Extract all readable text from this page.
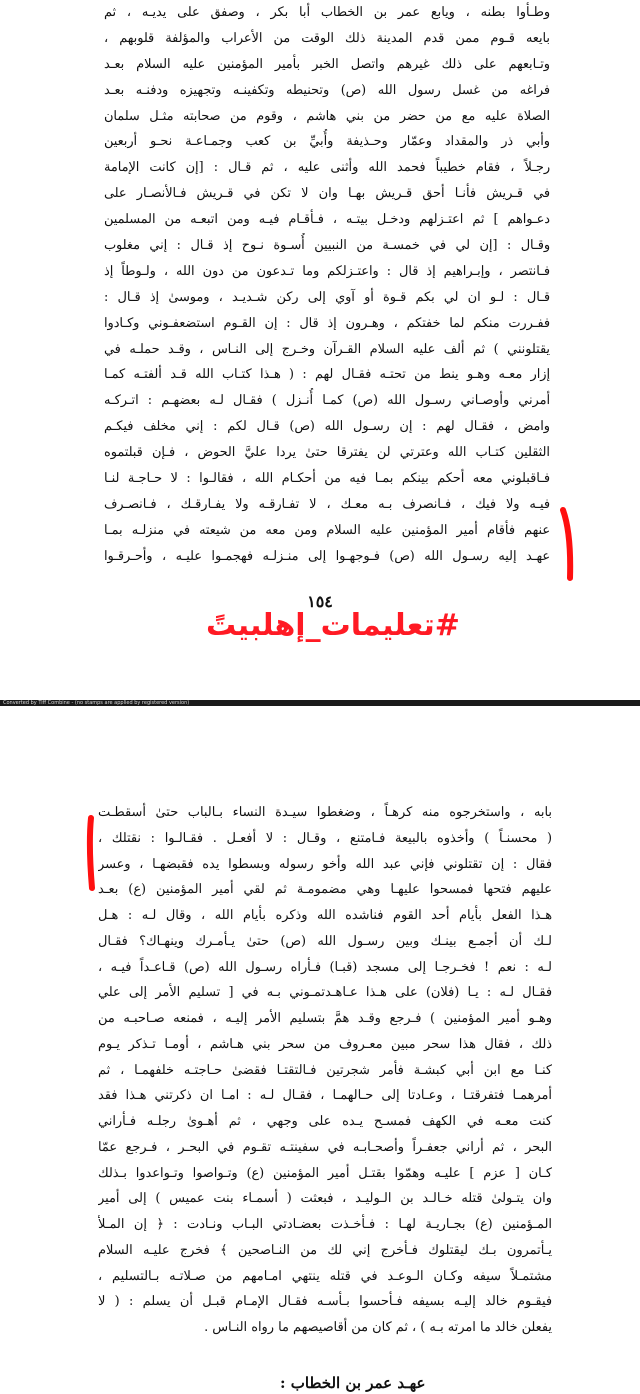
وطـأوا بطنه ، ويابع عمر بن الخطاب أبا بكر ، وصفق على يديـه ، ثم
بايعه قـوم ممن قدم المدينة ذلك الوقت من الأعراب والمؤلفة قلوبهم ،
وتـابعهم على ذلك غيرهم واتصل الخبر بأمير المؤمنين عليه السلام بعـد
فراغه من غسل رسول الله (ص) وتحنيطه وتكفينـه وتجهيزه ودفنـه بعـد
الصلاة عليه مع من حضر من بني هاشم ، وقوم من صحابته مثـل سلمان
وأبي ذر والمقداد وعمّار وحـذيفة وأُبيِّ بن كعب وجمـاعـة نحـو أربعين
رجـلاً ، فقام خطيباً فحمد الله وأثنى عليه ، ثم قـال : [إن كانت الإمامة
في قـريش فأنـا أحق قـريش بهـا وان لا تكن في قـريش فـالأنصـار على
دعـواهم ] ثم اعتـزلهم ودخـل بيتـه ، فـأقـام فيـه ومن اتبعـه من المسلمين
وقـال : [إن لي في خمسـة من النبيين أُسـوة نـوح إذ قـال : إني مغلوب
فـانتصر ، وإبـراهيم إذ قال : واعتـزلكم وما تـدعون من دون الله ، ولـوطاً إذ
قـال : لـو ان لي بكم قـوة أو آوي إلى ركن شـديـد ، وموسىٰ إذ قـال :
ففـررت منكم لما خفتكم ، وهـرون إذ قال : إن القـوم استضعفـوني وكـادوا
يقتلونني ) ثم ألف عليه السلام القـرآن وخـرج إلى النـاس ، وقـد حملـه في
إزار معـه وهـو ينط من تحتـه فقـال لهم : ( هـذا كتـاب الله قـد ألفتـه كمـا
أمرني وأوصـاني رسـول الله (ص) كمـا أُنـزل ) فقـال لـه بعضهـم : اتـركـه
وامض ، فقـال لهم : إن رسـول الله (ص) قـال لكم : إني مخلف فيكـم
الثقلين كتـاب الله وعترتي لن يفترقا حتىٰ يردا عليَّ الحوض ، فـإن قبلتموه
فـاقبلوني معه أحكم بينكم بمـا فيه من أحكـام الله ، فقالـوا : لا حـاجـة لنـا
فيـه ولا فيك ، فـانصرف بـه معـك ، لا تفـارقـه ولا يفـارقـك ، فـانصـرف
عنهم فأقام أمير المؤمنين عليه السلام ومن معه من شيعته في منزلـه بمـا
عهـد إليه رسـول الله (ص) فـوجهـوا إلى منـزلـه فهجمـوا عليـه ، وأحـرقـوا
١٥٤
#تعليمات_إهلبيتً
Converted by Tiff Combine - (no stamps are applied by registered version)
بابه ، واستخرجوه منه كرهـاً ، وضغطوا سيـدة النساء بـالباب حتىٰ أسقطـت
( محسنـاً ) وأخذوه بالبيعة فـامتنع ، وقـال : لا أفعـل . فقـالـوا : نقتلك ،
فقال : إن تقتلوني فإني عبد الله وأخو رسوله وبسطوا يده فقبضهـا ، وعسر
عليهم فتحها فمسحوا عليهـا وهي مضمومـة ثم لقي أمير المؤمنين (ع) بعـد
هـذا الفعل بأيام أحد القوم فناشده الله وذكره بأيام الله ، وقال لـه : هـل
لـك أن أجمـع بينـك وبين رسـول الله (ص) حتىٰ يـأمـرك وينهـاك؟ فقـال
لـه : نعم ! فخـرجـا إلى مسجد (قبـا) فـأراه رسـول الله (ص) قـاعـداً فيـه ،
فقـال لـه : يـا (فلان) على هـذا عـاهـدتمـوني بـه في [ تسليم الأمر إلى علي
وهـو أمير المؤمنين ) فـرجع وقـد همَّ بتسليم الأمر إليـه ، فمنعه صـاحبـه من
ذلك ، فقال هذا سحر مبين معـروف من سحر بني هـاشم ، أومـا تـذكر يـوم
كنـا مع ابن أبي كبشـة فأمر شجرتين فـالتقتـا فقضىٰ حـاجتـه خلفهمـا ، ثم
أمرهمـا فتفرقتـا ، وعـادتا إلى حـالهمـا ، فقـال لـه : امـا ان ذكرتني هـذا فقد
كنت معـه في الكهف فمسـح يـده على وجهي ، ثم أهـوىٰ رجلـه فـأراني
البحر ، ثم أراني جعفـراً وأصحـابـه في سفينتـه تقـوم في البحـر ، فـرجع عمّا
كـان [ عزم ] عليـه وهمّوا بقتـل أمير المؤمنين (ع) وتـواصوا وتـواعدوا بـذلك
وان يتـولىٰ قتله خـالـد بن الـوليـد ، فبعثت ( أسمـاء بنت عميس ) إلى أمير
المـؤمنين (ع) بجـاريـة لهـا : فـأخـذت بعضـادتي البـاب ونـادت : ﴿ إن المـلأ
يـأتمرون بـك ليقتلوك فـأخرج إني لك من النـاصحين ﴾ فخرج عليـه السلام
مشتمـلاً سيفه وكـان الـوعـد في قتله ينتهي امـامهم من صـلاتـه بـالتسليم ،
فيقـوم خالد إليـه بسيفه فـأحسوا بـأسـه فقـال الإمـام قبـل أن يسلم : ( لا
يفعلن خالد ما امرته بـه ) ، ثم كان من أقاصيصهم ما رواه النـاس .
عهـد عمر بن الخطاب :
